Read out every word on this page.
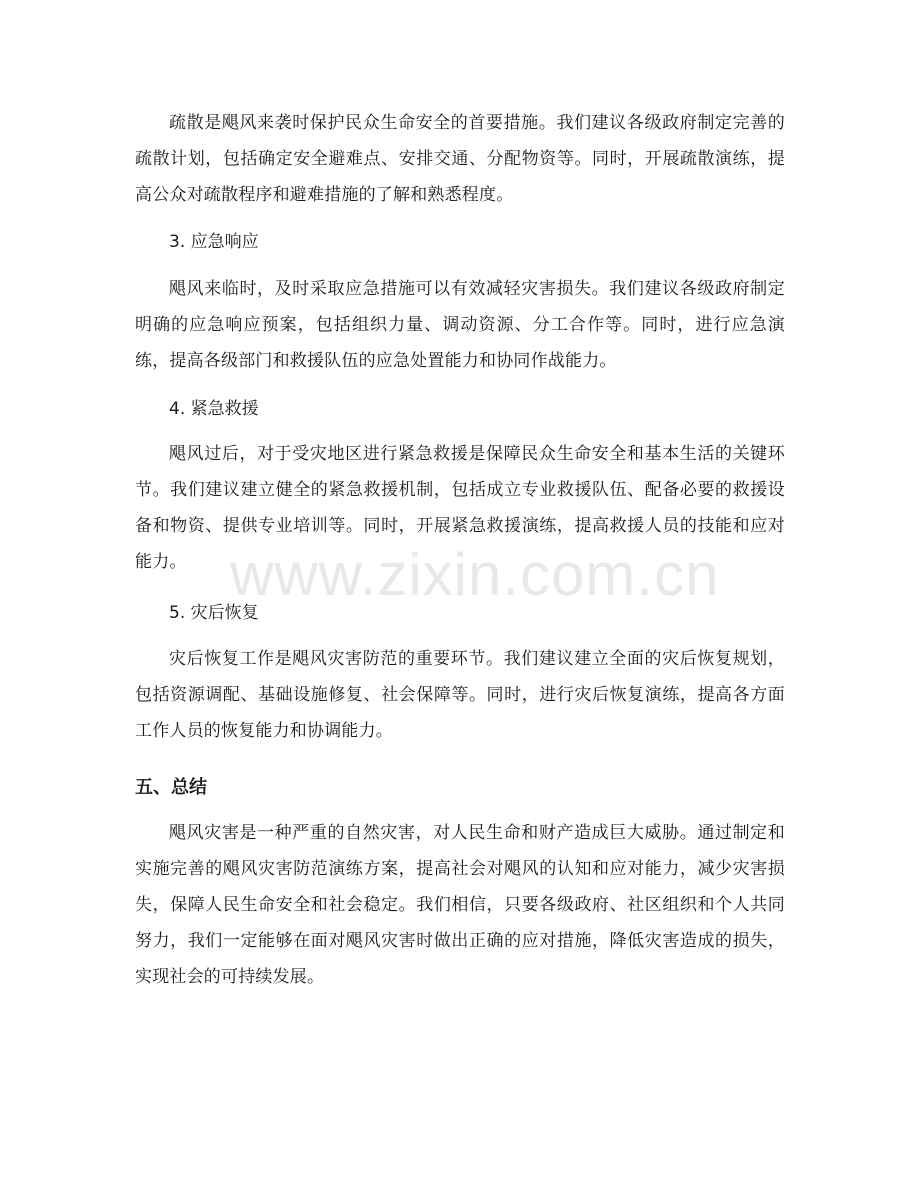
疏散是飓风来袭时保护民众生命安全的首要措施。我们建议各级政府制定完善的疏散计划，包括确定安全避难点、安排交通、分配物资等。同时，开展疏散演练，提高公众对疏散程序和避难措施的了解和熟悉程度。

3. 应急响应

飓风来临时，及时采取应急措施可以有效减轻灾害损失。我们建议各级政府制定明确的应急响应预案，包括组织力量、调动资源、分工合作等。同时，进行应急演练，提高各级部门和救援队伍的应急处置能力和协同作战能力。

4. 紧急救援

飓风过后，对于受灾地区进行紧急救援是保障民众生命安全和基本生活的关键环节。我们建议建立健全的紧急救援机制，包括成立专业救援队伍、配备必要的救援设备和物资、提供专业培训等。同时，开展紧急救援演练，提高救援人员的技能和应对能力。

5. 灾后恢复

灾后恢复工作是飓风灾害防范的重要环节。我们建议建立全面的灾后恢复规划，包括资源调配、基础设施修复、社会保障等。同时，进行灾后恢复演练，提高各方面工作人员的恢复能力和协调能力。

五、总结

飓风灾害是一种严重的自然灾害，对人民生命和财产造成巨大威胁。通过制定和实施完善的飓风灾害防范演练方案，提高社会对飓风的认知和应对能力，减少灾害损失，保障人民生命安全和社会稳定。我们相信，只要各级政府、社区组织和个人共同努力，我们一定能够在面对飓风灾害时做出正确的应对措施，降低灾害造成的损失，实现社会的可持续发展。

www.zixin.com.cn
